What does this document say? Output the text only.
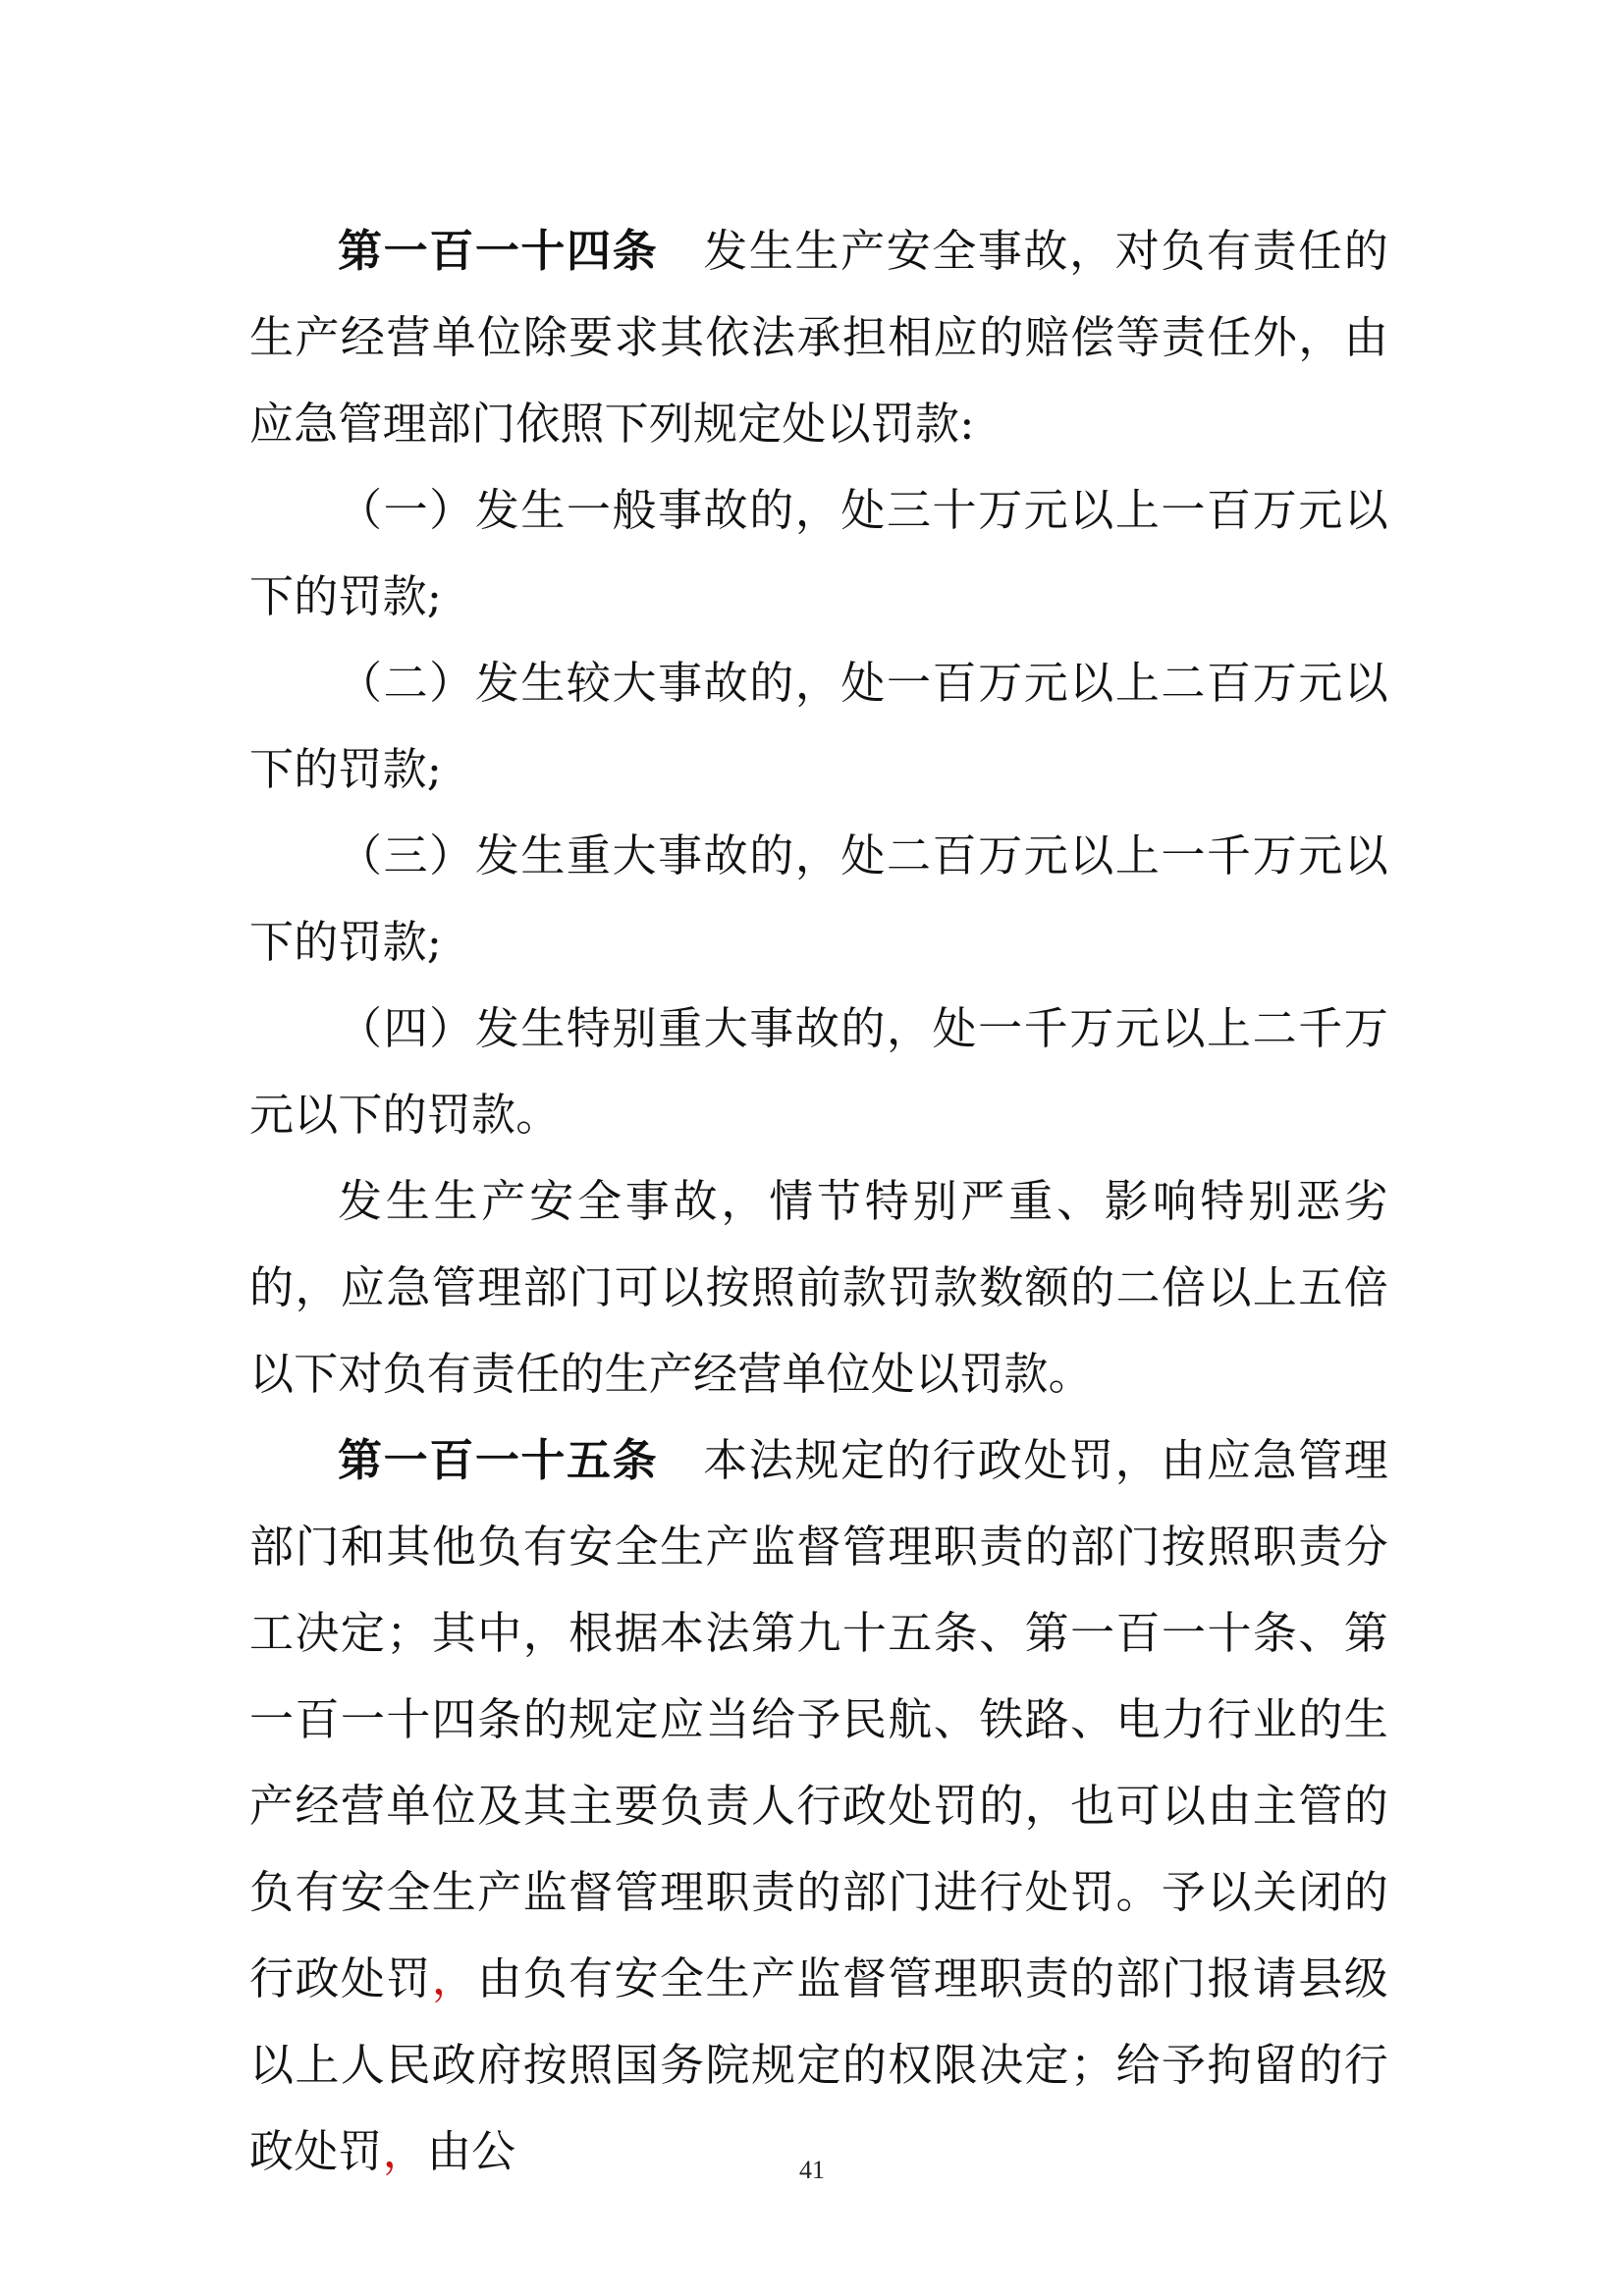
第一百一十四条 发生生产安全事故，对负有责任的生产经营单位除要求其依法承担相应的赔偿等责任外，由应急管理部门依照下列规定处以罚款:

（一）发生一般事故的，处三十万元以上一百万元以下的罚款;

（二）发生较大事故的，处一百万元以上二百万元以下的罚款;

（三）发生重大事故的，处二百万元以上一千万元以下的罚款;

（四）发生特别重大事故的，处一千万元以上二千万元以下的罚款。

发生生产安全事故，情节特别严重、影响特别恶劣的，应急管理部门可以按照前款罚款数额的二倍以上五倍以下对负有责任的生产经营单位处以罚款。

第一百一十五条 本法规定的行政处罚，由应急管理部门和其他负有安全生产监督管理职责的部门按照职责分工决定；其中，根据本法第九十五条、第一百一十条、第一百一十四条的规定应当给予民航、铁路、电力行业的生产经营单位及其主要负责人行政处罚的，也可以由主管的负有安全生产监督管理职责的部门进行处罚。予以关闭的行政处罚，由负有安全生产监督管理职责的部门报请县级以上人民政府按照国务院规定的权限决定；给予拘留的行政处罚，由公	41
